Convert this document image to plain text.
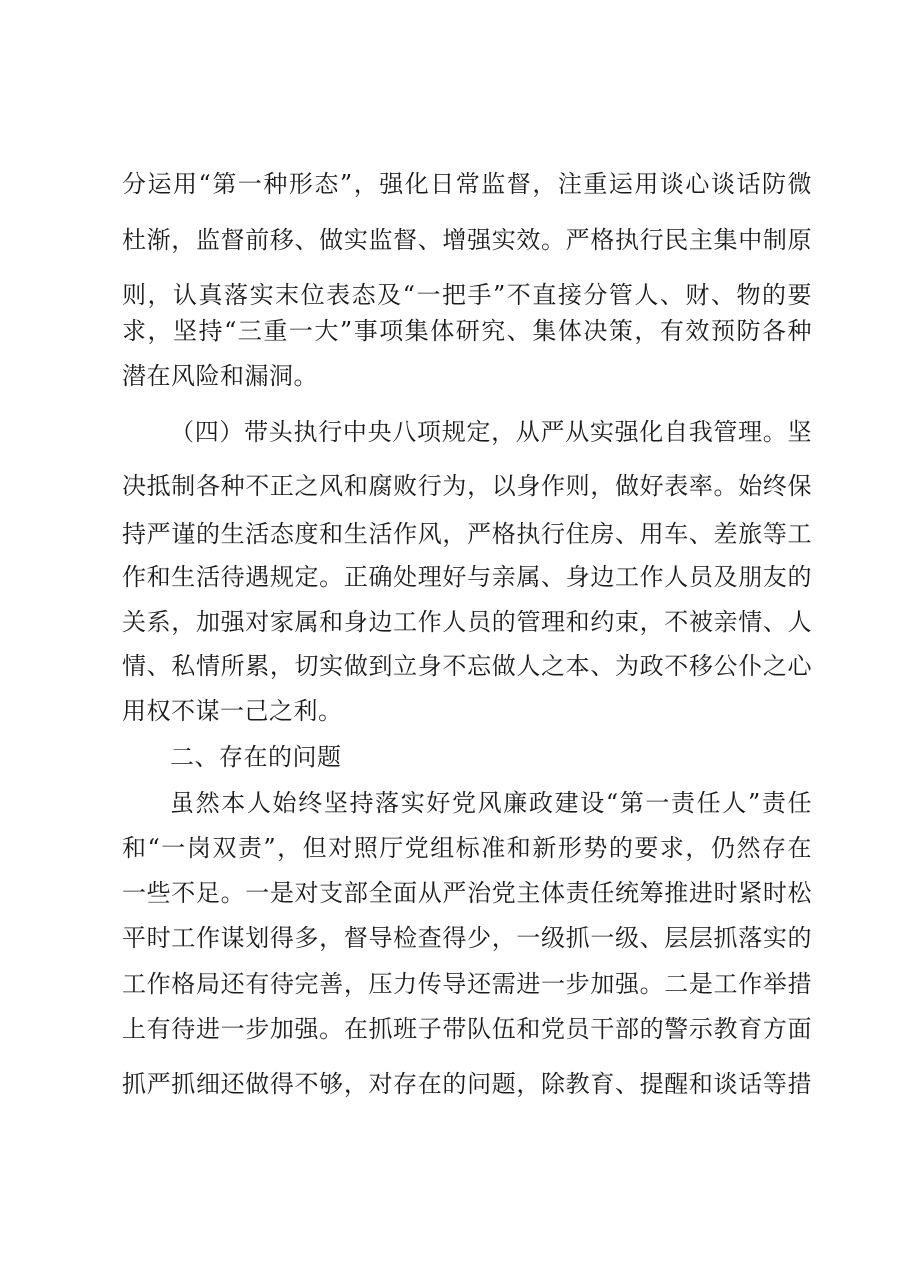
分运用“第一种形态”，强化日常监督，注重运用谈心谈话防微
杜渐，监督前移、做实监督、增强实效。严格执行民主集中制原
则，认真落实末位表态及“一把手”不直接分管人、财、物的要
求，坚持“三重一大”事项集体研究、集体决策，有效预防各种
潜在风险和漏洞。
（四）带头执行中央八项规定，从严从实强化自我管理。坚
决抵制各种不正之风和腐败行为，以身作则，做好表率。始终保
持严谨的生活态度和生活作风，严格执行住房、用车、差旅等工
作和生活待遇规定。正确处理好与亲属、身边工作人员及朋友的
关系，加强对家属和身边工作人员的管理和约束，不被亲情、人
情、私情所累，切实做到立身不忘做人之本、为政不移公仆之心
用权不谋一己之利。
二、存在的问题
虽然本人始终坚持落实好党风廉政建设“第一责任人”责任
和“一岗双责”，但对照厅党组标准和新形势的要求，仍然存在
一些不足。一是对支部全面从严治党主体责任统筹推进时紧时松
平时工作谋划得多，督导检查得少，一级抓一级、层层抓落实的
工作格局还有待完善，压力传导还需进一步加强。二是工作举措
上有待进一步加强。在抓班子带队伍和党员干部的警示教育方面
抓严抓细还做得不够，对存在的问题，除教育、提醒和谈话等措
